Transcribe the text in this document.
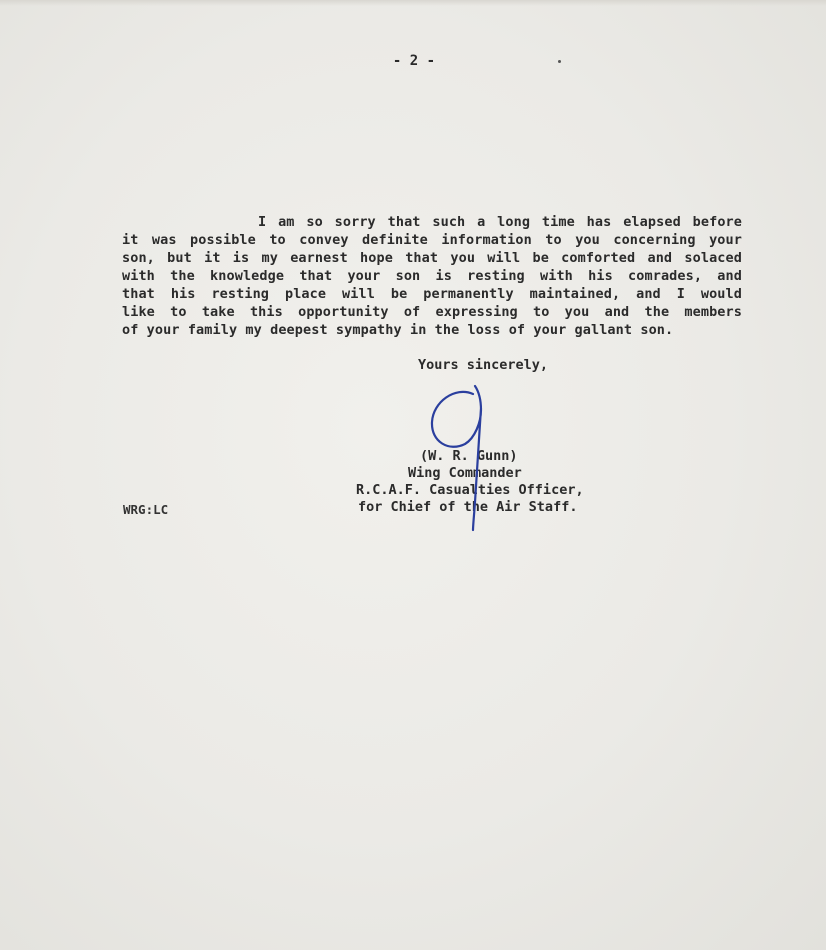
- 2 -
I am so sorry that such a long time has elapsed before
it was possible to convey definite information to you concerning your
son, but it is my earnest hope that you will be comforted and solaced
with the knowledge that your son is resting with his comrades, and
that his resting place will be permanently maintained, and I would
like to take this opportunity of expressing to you and the members
of your family my deepest sympathy in the loss of your gallant son.
Yours sincerely,
(W. R. Gunn)
Wing Commander
R.C.A.F. Casualties Officer,
for Chief of the Air Staff.
WRG:LC
